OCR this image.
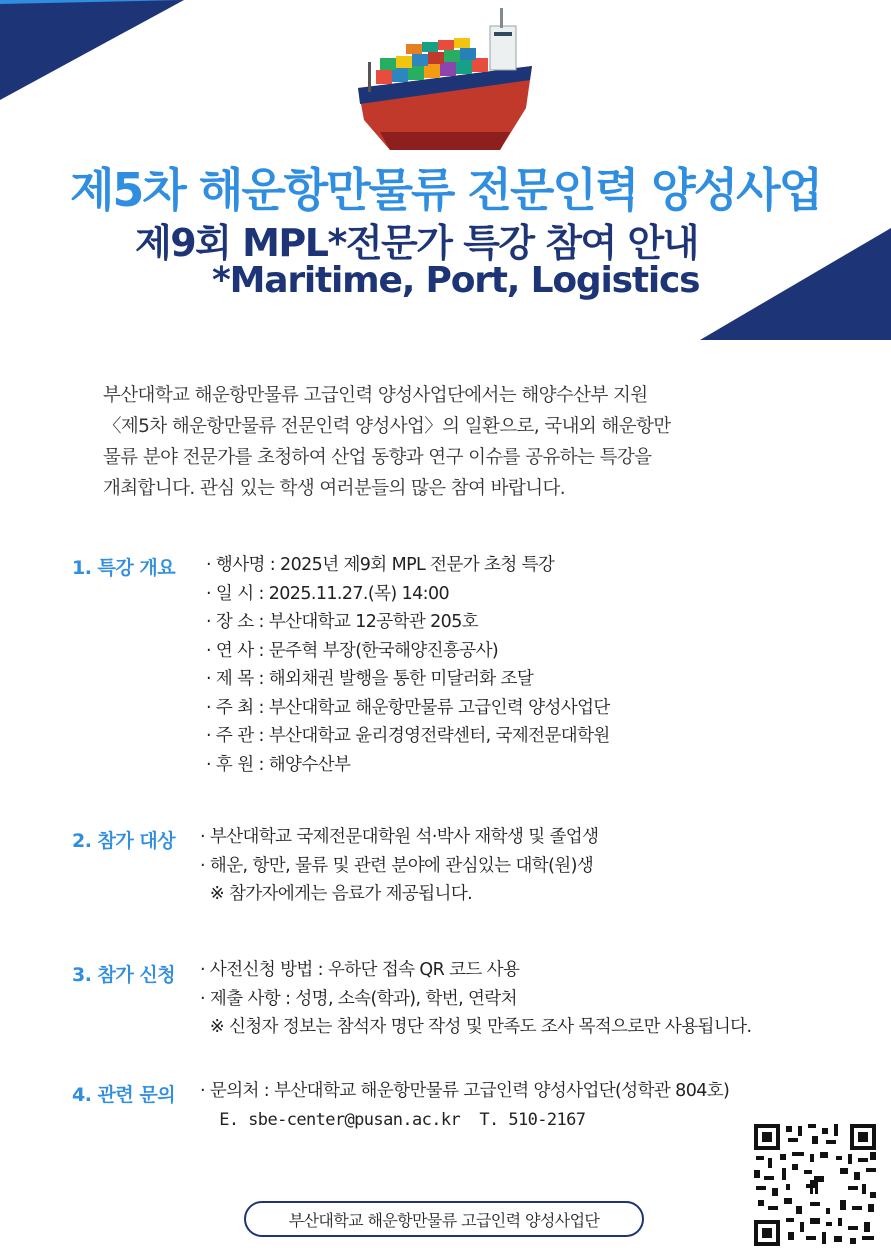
제5차 해운항만물류 전문인력 양성사업
제9회 MPL*전문가 특강 참여 안내
*Maritime, Port, Logistics
부산대학교 해운항만물류 고급인력 양성사업단에서는 해양수산부 지원
〈제5차 해운항만물류 전문인력 양성사업〉의 일환으로, 국내외 해운항만
물류 분야 전문가를 초청하여 산업 동향과 연구 이슈를 공유하는 특강을
개최합니다. 관심 있는 학생 여러분들의 많은 참여 바랍니다.
1. 특강 개요 · 행사명 : 2025년 제9회 MPL 전문가 초청 특강
· 일 시 : 2025.11.27.(목) 14:00
· 장 소 : 부산대학교 12공학관 205호
· 연 사 : 문주혁 부장(한국해양진흥공사)
· 제 목 : 해외채권 발행을 통한 미달러화 조달
· 주 최 : 부산대학교 해운항만물류 고급인력 양성사업단
· 주 관 : 부산대학교 윤리경영전략센터, 국제전문대학원
· 후 원 : 해양수산부
2. 참가 대상 · 부산대학교 국제전문대학원 석·박사 재학생 및 졸업생
· 해운, 항만, 물류 및 관련 분야에 관심있는 대학(원)생
※ 참가자에게는 음료가 제공됩니다.
3. 참가 신청 · 사전신청 방법 : 우하단 접속 QR 코드 사용
· 제출 사항 : 성명, 소속(학과), 학번, 연락처
※ 신청자 정보는 참석자 명단 작성 및 만족도 조사 목적으로만 사용됩니다.
4. 관련 문의 · 문의처 : 부산대학교 해운항만물류 고급인력 양성사업단(성학관 804호)
E. sbe-center@pusan.ac.kr  T. 510-2167
부산대학교 해운항만물류 고급인력 양성사업단
